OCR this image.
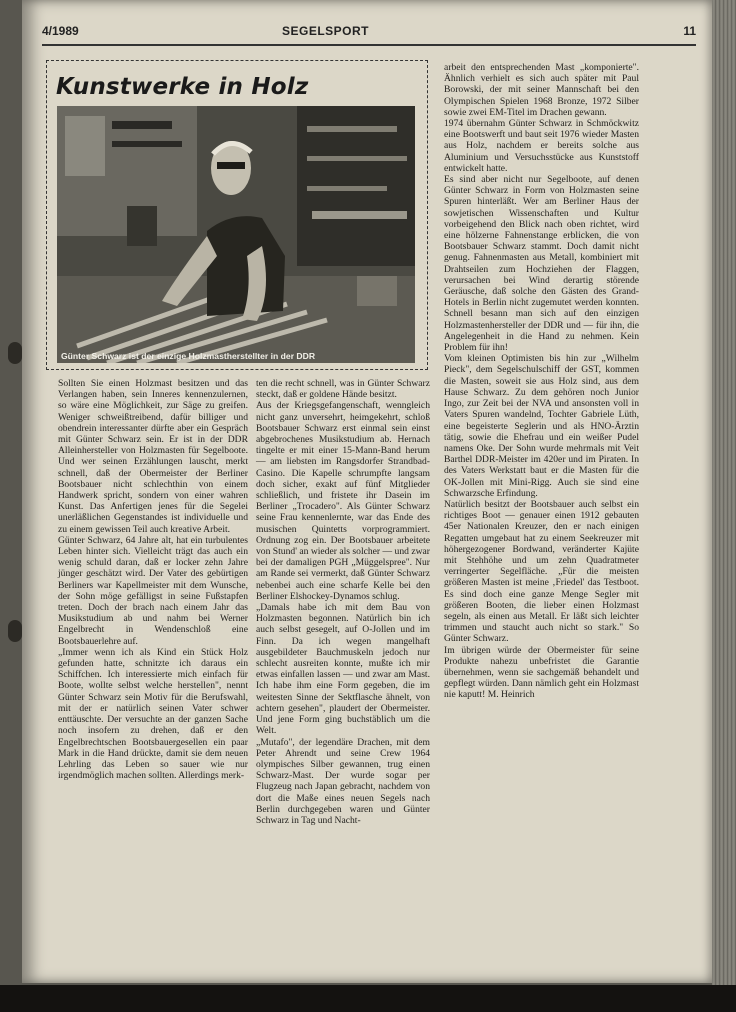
4/1989	SEGELSPORT	11
Kunstwerke in Holz
Günter Schwarz ist der einzige Holzmastherstellter in der DDR

Sollten Sie einen Holzmast besitzen und das Verlangen haben, sein Inneres kennenzulernen, so wäre eine Möglichkeit, zur Säge zu greifen. Weniger schweißtreibend, dafür billiger und obendrein interessanter dürfte aber ein Gespräch mit Günter Schwarz sein. Er ist in der DDR Alleinhersteller von Holzmasten für Segelboote. Und wer seinen Erzählungen lauscht, merkt schnell, daß der Obermeister der Berliner Bootsbauer nicht schlechthin von einem Handwerk spricht, sondern von einer wahren Kunst. Das Anfertigen jenes für die Segelei unerläßlichen Gegenstandes ist individuelle und zu einem gewissen Teil auch kreative Arbeit.

Günter Schwarz, 64 Jahre alt, hat ein turbulentes Leben hinter sich. Vielleicht trägt das auch ein wenig schuld daran, daß er locker zehn Jahre jünger geschätzt wird. Der Vater des gebürtigen Berliners war Kapellmeister mit dem Wunsche, der Sohn möge gefälligst in seine Fußstapfen treten. Doch der brach nach einem Jahr das Musikstudium ab und nahm bei Werner Engelbrecht in Wendenschloß eine Bootsbauerlehre auf.

„Immer wenn ich als Kind ein Stück Holz gefunden hatte, schnitzte ich daraus ein Schiffchen. Ich interessierte mich einfach für Boote, wollte selbst welche herstellen", nennt Günter Schwarz sein Motiv für die Berufswahl, mit der er natürlich seinen Vater schwer enttäuschte. Der versuchte an der ganzen Sache noch insofern zu drehen, daß er den Engelbrechtschen Bootsbauergesellen ein paar Mark in die Hand drückte, damit sie dem neuen Lehrling das Leben so sauer wie nur irgendmöglich machen sollten. Allerdings merk-

ten die recht schnell, was in Günter Schwarz steckt, daß er goldene Hände besitzt.

Aus der Kriegsgefangenschaft, wenngleich nicht ganz unversehrt, heimgekehrt, schloß Bootsbauer Schwarz erst einmal sein einst abgebrochenes Musikstudium ab. Hernach tingelte er mit einer 15-Mann-Band herum — am liebsten im Rangsdorfer Strandbad-Casino. Die Kapelle schrumpfte langsam doch sicher, exakt auf fünf Mitglieder schließlich, und fristete ihr Dasein im Berliner „Trocadero". Als Günter Schwarz seine Frau kennenlernte, war das Ende des musischen Quintetts vorprogrammiert. Ordnung zog ein. Der Bootsbauer arbeitete von Stund' an wieder als solcher — und zwar bei der damaligen PGH „Müggelspree". Nur am Rande sei vermerkt, daß Günter Schwarz nebenbei auch eine scharfe Kelle bei den Berliner Elshockey-Dynamos schlug.

„Damals habe ich mit dem Bau von Holzmasten begonnen. Natürlich bin ich auch selbst gesegelt, auf O-Jollen und im Finn. Da ich wegen mangelhaft ausgebildeter Bauchmuskeln jedoch nur schlecht ausreiten konnte, mußte ich mir etwas einfallen lassen — und zwar am Mast. Ich habe ihm eine Form gegeben, die im weitesten Sinne der Sektflasche ähnelt, von achtern gesehen", plaudert der Obermeister. Und jene Form ging buchstäblich um die Welt.

„Mutafo", der legendäre Drachen, mit dem Peter Ahrendt und seine Crew 1964 olympisches Silber gewannen, trug einen Schwarz-Mast. Der wurde sogar per Flugzeug nach Japan gebracht, nachdem von dort die Maße eines neuen Segels nach Berlin durchgegeben waren und Günter Schwarz in Tag und Nacht-

arbeit den entsprechenden Mast „komponierte". Ähnlich verhielt es sich auch später mit Paul Borowski, der mit seiner Mannschaft bei den Olympischen Spielen 1968 Bronze, 1972 Silber sowie zwei EM-Titel im Drachen gewann.

1974 übernahm Günter Schwarz in Schmöckwitz eine Bootswerft und baut seit 1976 wieder Masten aus Holz, nachdem er bereits solche aus Aluminium und Versuchsstücke aus Kunststoff entwickelt hatte.

Es sind aber nicht nur Segelboote, auf denen Günter Schwarz in Form von Holzmasten seine Spuren hinterläßt. Wer am Berliner Haus der sowjetischen Wissenschaften und Kultur vorbeigehend den Blick nach oben richtet, wird eine hölzerne Fahnenstange erblicken, die von Bootsbauer Schwarz stammt. Doch damit nicht genug. Fahnenmasten aus Metall, kombiniert mit Drahtseilen zum Hochziehen der Flaggen, verursachen bei Wind derartig störende Geräusche, daß solche den Gästen des Grand-Hotels in Berlin nicht zugemutet werden konnten. Schnell besann man sich auf den einzigen Holzmastenhersteller der DDR und — für ihn, die Angelegenheit in die Hand zu nehmen. Kein Problem für ihn!

Vom kleinen Optimisten bis hin zur „Wilhelm Pieck", dem Segelschulschiff der GST, kommen die Masten, soweit sie aus Holz sind, aus dem Hause Schwarz. Zu dem gehören noch Junior Ingo, zur Zeit bei der NVA und ansonsten voll in Vaters Spuren wandelnd, Tochter Gabriele Lüth, eine begeisterte Seglerin und als HNO-Ärztin tätig, sowie die Ehefrau und ein weißer Pudel namens Oke. Der Sohn wurde mehrmals mit Veit Barthel DDR-Meister im 420er und im Piraten. In des Vaters Werkstatt baut er die Masten für die OK-Jollen mit Mini-Rigg. Auch sie sind eine Schwarzsche Erfindung.

Natürlich besitzt der Bootsbauer auch selbst ein richtiges Boot — genauer einen 1912 gebauten 45er Nationalen Kreuzer, den er nach einigen Regatten umgebaut hat zu einem Seekreuzer mit höhergezogener Bordwand, veränderter Kajüte mit Stehhöhe und um zehn Quadratmeter verringerter Segelfläche. „Für die meisten größeren Masten ist meine ‚Friedel' das Testboot. Es sind doch eine ganze Menge Segler mit größeren Booten, die lieber einen Holzmast segeln, als einen aus Metall. Er läßt sich leichter trimmen und staucht auch nicht so stark." So Günter Schwarz.

Im übrigen würde der Obermeister für seine Produkte nahezu unbefristet die Garantie übernehmen, wenn sie sachgemäß behandelt und gepflegt würden. Dann nämlich geht ein Holzmast nie kaputt! M. Heinrich
